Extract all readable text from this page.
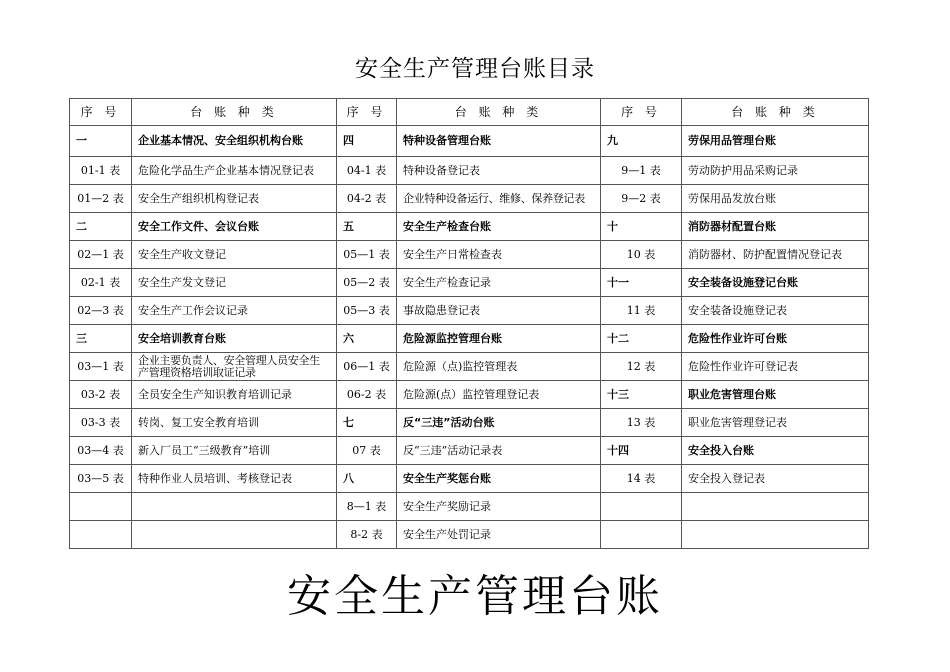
安全生产管理台账目录
序 号	台 账 种 类	序 号	台 账 种 类	序 号	台 账 种 类
一	企业基本情况、安全组织机构台账	四	特种设备管理台账	九	劳保用品管理台账
01-1 表	危险化学品生产企业基本情况登记表	04-1 表	特种设备登记表	9—1 表	劳动防护用品采购记录
01—2 表	安全生产组织机构登记表	04-2 表	企业特种设备运行、维修、保养登记表	9—2 表	劳保用品发放台账
二	安全工作文件、会议台账	五	安全生产检查台账	十	消防器材配置台账
02—1 表	安全生产收文登记	05—1 表	安全生产日常检查表	10 表	消防器材、防护配置情况登记表
02-1 表	安全生产发文登记	05—2 表	安全生产检查记录	十一	安全装备设施登记台账
02—3 表	安全生产工作会议记录	05—3 表	事故隐患登记表	11 表	安全装备设施登记表
三	安全培训教育台账	六	危险源监控管理台账	十二	危险性作业许可台账
03—1 表	企业主要负责人、安全管理人员安全生产管理资格培训取证记录	06—1 表	危险源（点)监控管理表	12 表	危险性作业许可登记表
03-2 表	全员安全生产知识教育培训记录	06-2 表	危险源(点）监控管理登记表	十三	职业危害管理台账
03-3 表	转岗、复工安全教育培训	七	反“三违”活动台账	13 表	职业危害管理登记表
03—4 表	新入厂员工“三级教育”培训	07 表	反“三违”活动记录表	十四	安全投入台账
03—5 表	特种作业人员培训、考核登记表	八	安全生产奖惩台账	14 表	安全投入登记表
		8—1 表	安全生产奖励记录		
		8-2 表	安全生产处罚记录		
安全生产管理台账
